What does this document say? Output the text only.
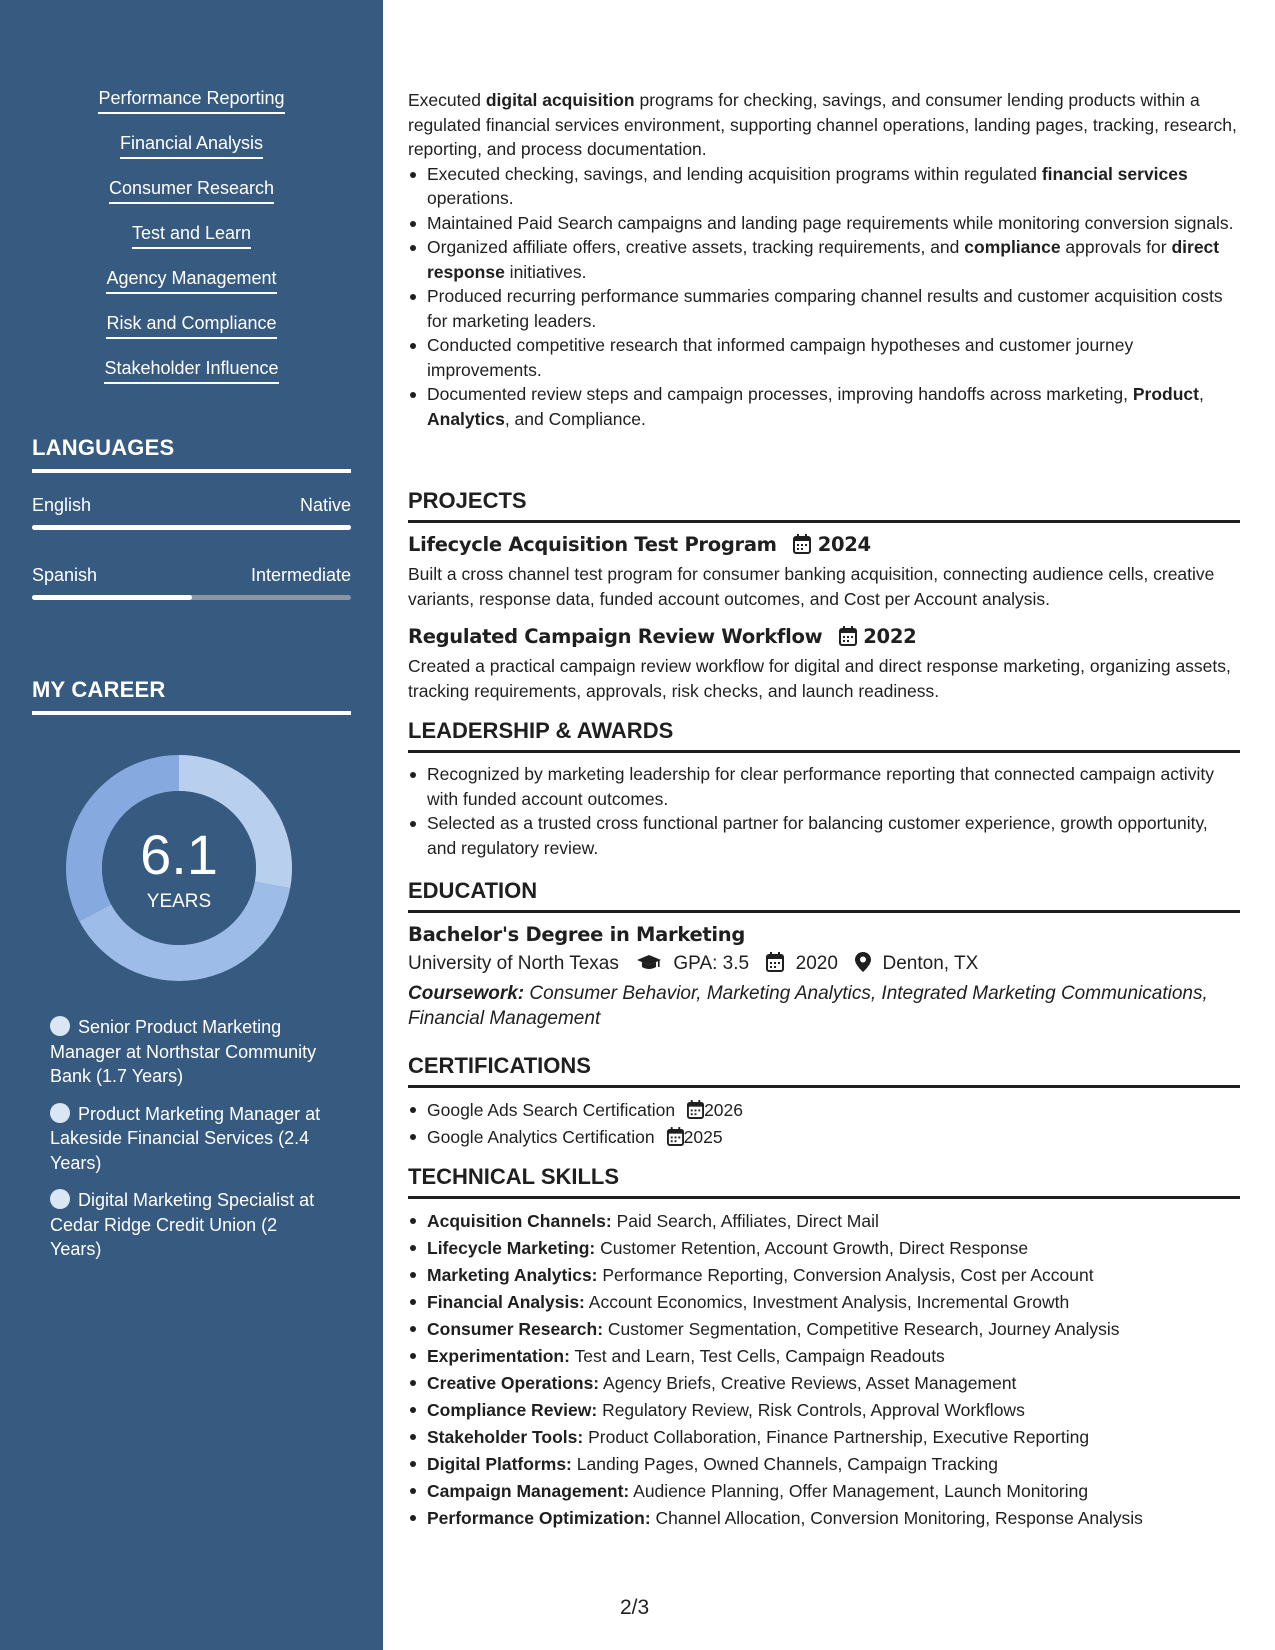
Performance Reporting
Financial Analysis
Consumer Research
Test and Learn
Agency Management
Risk and Compliance
Stakeholder Influence
LANGUAGES
English	Native
Spanish	Intermediate
MY CAREER
6.1
YEARS
Senior Product Marketing Manager at Northstar Community Bank (1.7 Years)
Product Marketing Manager at Lakeside Financial Services (2.4 Years)
Digital Marketing Specialist at Cedar Ridge Credit Union (2 Years)

Executed digital acquisition programs for checking, savings, and consumer lending products within a regulated financial services environment, supporting channel operations, landing pages, tracking, research, reporting, and process documentation.

Executed checking, savings, and lending acquisition programs within regulated financial services operations.
Maintained Paid Search campaigns and landing page requirements while monitoring conversion signals.
Organized affiliate offers, creative assets, tracking requirements, and compliance approvals for direct response initiatives.
Produced recurring performance summaries comparing channel results and customer acquisition costs for marketing leaders.
Conducted competitive research that informed campaign hypotheses and customer journey improvements.
Documented review steps and campaign processes, improving handoffs across marketing, Product, Analytics, and Compliance.
PROJECTS
Lifecycle Acquisition Test Program 2024
Built a cross channel test program for consumer banking acquisition, connecting audience cells, creative variants, response data, funded account outcomes, and Cost per Account analysis.
Regulated Campaign Review Workflow 2022
Created a practical campaign review workflow for digital and direct response marketing, organizing assets, tracking requirements, approvals, risk checks, and launch readiness.
LEADERSHIP & AWARDS
Recognized by marketing leadership for clear performance reporting that connected campaign activity with funded account outcomes.
Selected as a trusted cross functional partner for balancing customer experience, growth opportunity, and regulatory review.
EDUCATION
Bachelor's Degree in Marketing
University of North Texas	GPA: 3.5 2020 Denton, TX
Coursework: Consumer Behavior, Marketing Analytics, Integrated Marketing Communications, Financial Management
CERTIFICATIONS
Google Ads Search Certification 2026
Google Analytics Certification 2025
TECHNICAL SKILLS
Acquisition Channels: Paid Search, Affiliates, Direct Mail
Lifecycle Marketing: Customer Retention, Account Growth, Direct Response
Marketing Analytics: Performance Reporting, Conversion Analysis, Cost per Account
Financial Analysis: Account Economics, Investment Analysis, Incremental Growth
Consumer Research: Customer Segmentation, Competitive Research, Journey Analysis
Experimentation: Test and Learn, Test Cells, Campaign Readouts
Creative Operations: Agency Briefs, Creative Reviews, Asset Management
Compliance Review: Regulatory Review, Risk Controls, Approval Workflows
Stakeholder Tools: Product Collaboration, Finance Partnership, Executive Reporting
Digital Platforms: Landing Pages, Owned Channels, Campaign Tracking
Campaign Management: Audience Planning, Offer Management, Launch Monitoring
Performance Optimization: Channel Allocation, Conversion Monitoring, Response Analysis
2/3
